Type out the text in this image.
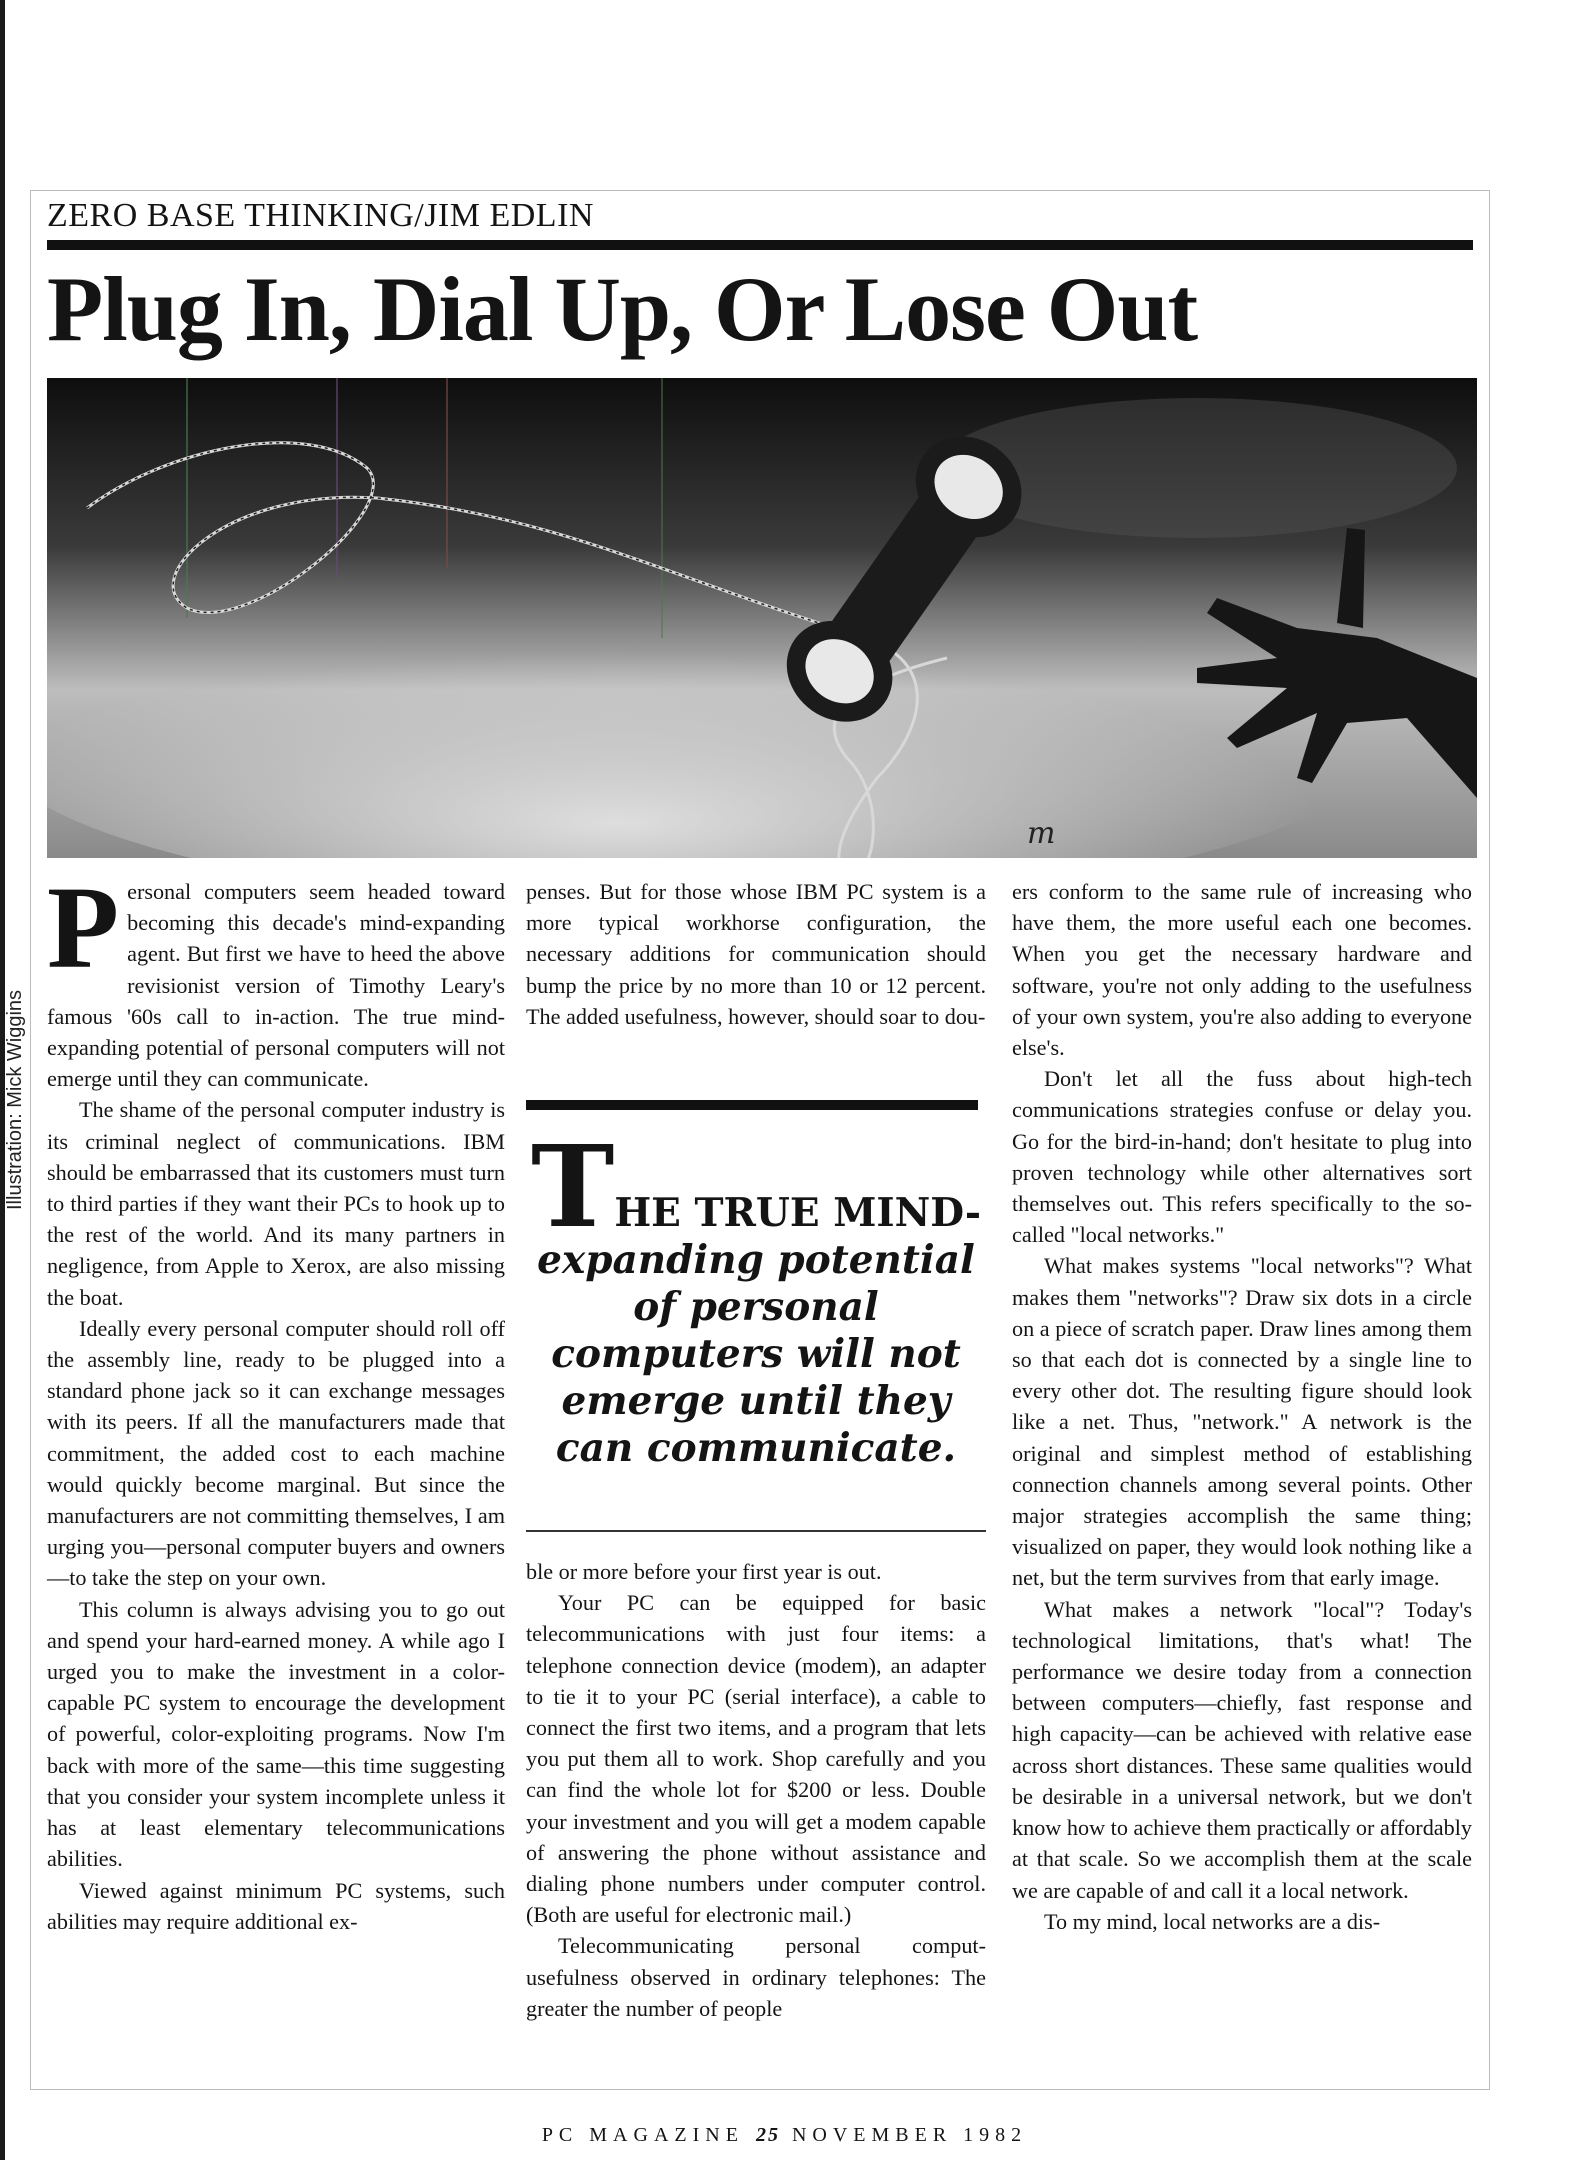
Illustration: Mick Wiggins
ZERO BASE THINKING/JIM EDLIN
Plug In, Dial Up, Or Lose Out
m
P ersonal computers seem headed toward becoming this decade's mind-expanding agent. But first we have to heed the above revisionist version of Timothy Leary's famous '60s call to in-action. The true mind-expanding potential of personal computers will not emerge until they can communicate.

The shame of the personal computer industry is its criminal neglect of communications. IBM should be embarrassed that its customers must turn to third parties if they want their PCs to hook up to the rest of the world. And its many partners in negligence, from Apple to Xerox, are also missing the boat.

Ideally every personal computer should roll off the assembly line, ready to be plugged into a standard phone jack so it can exchange messages with its peers. If all the manufacturers made that commitment, the added cost to each machine would quickly become marginal. But since the manufacturers are not committing themselves, I am urging you—personal computer buyers and owners—to take the step on your own.

This column is always advising you to go out and spend your hard-earned money. A while ago I urged you to make the investment in a color-capable PC system to encourage the development of powerful, color-exploiting programs. Now I'm back with more of the same—this time suggesting that you consider your system incomplete unless it has at least elementary telecommunications abilities.

Viewed against minimum PC systems, such abilities may require additional ex-

penses. But for those whose IBM PC system is a more typical workhorse configuration, the necessary additions for communication should bump the price by no more than 10 or 12 percent. The added usefulness, however, should soar to dou-

THE TRUE MIND-
expanding potential of personal computers will not emerge until they can communicate.

ble or more before your first year is out.

Your PC can be equipped for basic telecommunications with just four items: a telephone connection device (modem), an adapter to tie it to your PC (serial interface), a cable to connect the first two items, and a program that lets you put them all to work. Shop carefully and you can find the whole lot for $200 or less. Double your investment and you will get a modem capable of answering the phone without assistance and dialing phone numbers under computer control. (Both are useful for electronic mail.)

Telecommunicating personal comput-usefulness observed in ordinary telephones: The greater the number of people

ers conform to the same rule of increasing who have them, the more useful each one becomes. When you get the necessary hardware and software, you're not only adding to the usefulness of your own system, you're also adding to everyone else's.

Don't let all the fuss about high-tech communications strategies confuse or delay you. Go for the bird-in-hand; don't hesitate to plug into proven technology while other alternatives sort themselves out. This refers specifically to the so-called "local networks."

What makes systems "local networks"? What makes them "networks"? Draw six dots in a circle on a piece of scratch paper. Draw lines among them so that each dot is connected by a single line to every other dot. The resulting figure should look like a net. Thus, "network." A network is the original and simplest method of establishing connection channels among several points. Other major strategies accomplish the same thing; visualized on paper, they would look nothing like a net, but the term survives from that early image.

What makes a network "local"? Today's technological limitations, that's what! The performance we desire today from a connection between computers—chiefly, fast response and high capacity—can be achieved with relative ease across short distances. These same qualities would be desirable in a universal network, but we don't know how to achieve them practically or affordably at that scale. So we accomplish them at the scale we are capable of and call it a local network.

To my mind, local networks are a dis-

PC MAGAZINE 25 NOVEMBER 1982
